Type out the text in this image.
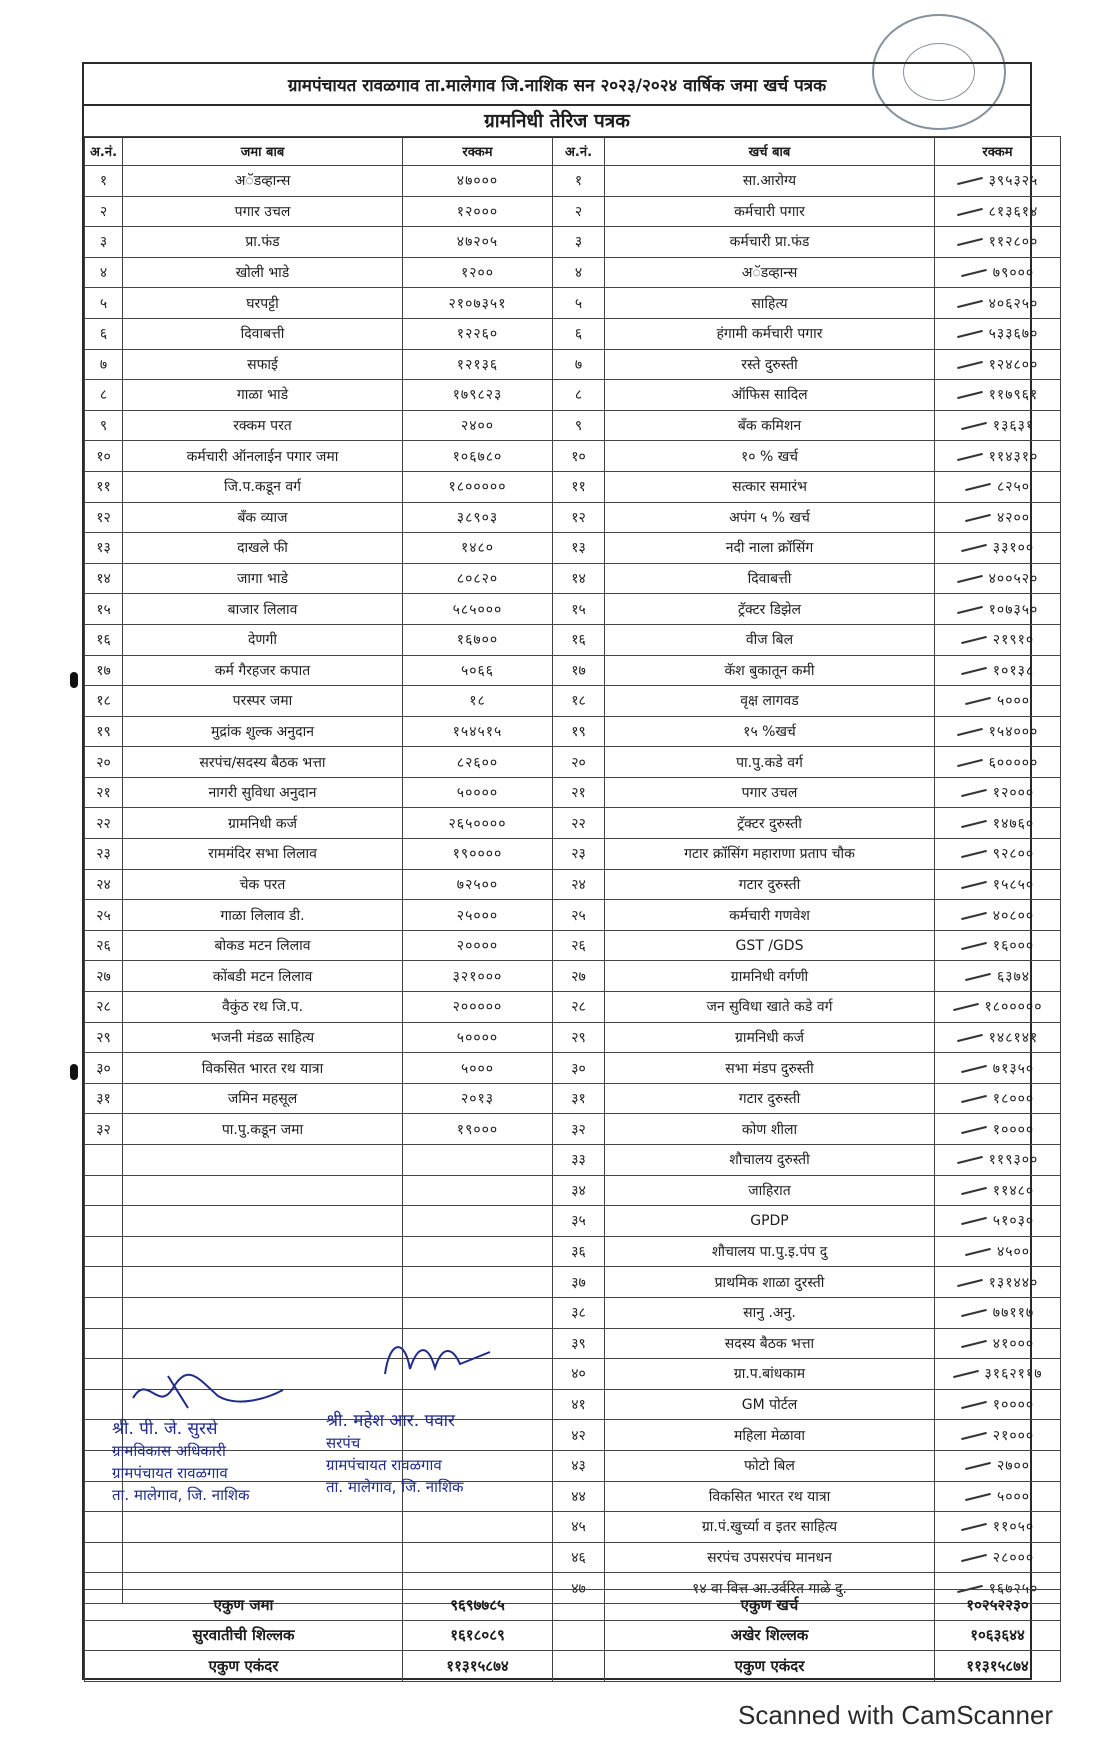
ग्रामपंचायत रावळगाव ता.मालेगाव जि.नाशिक सन २०२३/२०२४ वार्षिक जमा खर्च पत्रक
ग्रामनिधी तेरिज पत्रक
अ.नं.	जमा बाब	रक्कम	अ.नं.	खर्च बाब	रक्कम
१	अॅडव्हान्स	४७०००	१	सा.आरोग्य	३९५३२५
२	पगार उचल	१२०००	२	कर्मचारी पगार	८१३६१४
३	प्रा.फंड	४७२०५	३	कर्मचारी प्रा.फंड	११२८००
४	खोली भाडे	१२००	४	अॅडव्हान्स	७९०००
५	घरपट्टी	२१०७३५१	५	साहित्य	४०६२५०
६	दिवाबत्ती	१२२६०	६	हंगामी कर्मचारी पगार	५३३६७०
७	सफाई	१२१३६	७	रस्ते दुरुस्ती	१२४८००
८	गाळा भाडे	१७९८२३	८	ऑफिस सादिल	११७९६१
९	रक्कम परत	२४००	९	बँक कमिशन	१३६३१
१०	कर्मचारी ऑनलाईन पगार जमा	१०६७८०	१०	१० % खर्च	११४३१०
११	जि.प.कडून वर्ग	१८०००००	११	सत्कार समारंभ	८२५०
१२	बँक व्याज	३८९०३	१२	अपंग ५ % खर्च	४२००
१३	दाखले फी	१४८०	१३	नदी नाला क्रॉसिंग	३३१००
१४	जागा भाडे	८०८२०	१४	दिवाबत्ती	४००५२०
१५	बाजार लिलाव	५८५०००	१५	ट्रॅक्टर डिझेल	१०७३५०
१६	देणगी	१६७००	१६	वीज बिल	२१९१०
१७	कर्म गैरहजर कपात	५०६६	१७	कॅश बुकातून कमी	१०१३८
१८	परस्पर जमा	१८	१८	वृक्ष लागवड	५०००
१९	मुद्रांक शुल्क अनुदान	१५४५१५	१९	१५ %खर्च	१५४०००
२०	सरपंच/सदस्य बैठक भत्ता	८२६००	२०	पा.पु.कडे वर्ग	६०००००
२१	नागरी सुविधा अनुदान	५००००	२१	पगार उचल	१२०००
२२	ग्रामनिधी कर्ज	२६५००००	२२	ट्रॅक्टर दुरुस्ती	१४७६०
२३	राममंदिर सभा लिलाव	१९००००	२३	गटार क्रॉसिंग महाराणा प्रताप चौक	९२८००
२४	चेक परत	७२५००	२४	गटार दुरुस्ती	१५८५०
२५	गाळा लिलाव डी.	२५०००	२५	कर्मचारी गणवेश	४०८००
२६	बोकड मटन लिलाव	२००००	२६	GST /GDS	१६०००
२७	कोंबडी मटन लिलाव	३२१०००	२७	ग्रामनिधी वर्गणी	६३७४
२८	वैकुंठ रथ जि.प.	२०००००	२८	जन सुविधा खाते कडे वर्ग	१८०००००
२९	भजनी मंडळ साहित्य	५००००	२९	ग्रामनिधी कर्ज	१४८१४१
३०	विकसित भारत रथ यात्रा	५०००	३०	सभा मंडप दुरुस्ती	७१३५०
३१	जमिन महसूल	२०१३	३१	गटार दुरुस्ती	१८०००
३२	पा.पु.कडून जमा	१९०००	३२	कोण शीला	१००००
			३३	शौचालय दुरुस्ती	११९३००
			३४	जाहिरात	११४८०
			३५	GPDP	५१०३०
			३६	शौचालय पा.पु.इ.पंप दु	४५००
			३७	प्राथमिक शाळा दुरस्ती	१३१४४०
			३८	सानु .अनु.	७७११७
			३९	सदस्य बैठक भत्ता	४१०००
			४०	ग्रा.प.बांधकाम	३१६२११७
			४१	GM पोर्टल	१००००
			४२	महिला मेळावा	२१०००
			४३	फोटो बिल	२७००
			४४	विकसित भारत रथ यात्रा	५०००
			४५	ग्रा.पं.खुर्च्या व इतर साहित्य	११०५०
			४६	सरपंच उपसरपंच मानधन	२८०००
			४७	१४ वा वित्त आ.उर्वरित गाळे दु.	१६७२५०
एकुण जमा	९६९७७८५		एकुण खर्च	१०२५२२३०
सुरवातीची शिल्लक	१६१८०८९		अखेर शिल्लक	१०६३६४४
एकुण एकंदर	११३१५८७४		एकुण एकंदर	११३१५८७४
श्री. पी. जे. सुरसे
ग्रामविकास अधिकारी
ग्रामपंचायत रावळगाव
ता. मालेगाव, जि. नाशिक
श्री. महेश आर. पवार
सरपंच
ग्रामपंचायत रावळगाव
ता. मालेगाव, जि. नाशिक
Scanned with CamScanner
